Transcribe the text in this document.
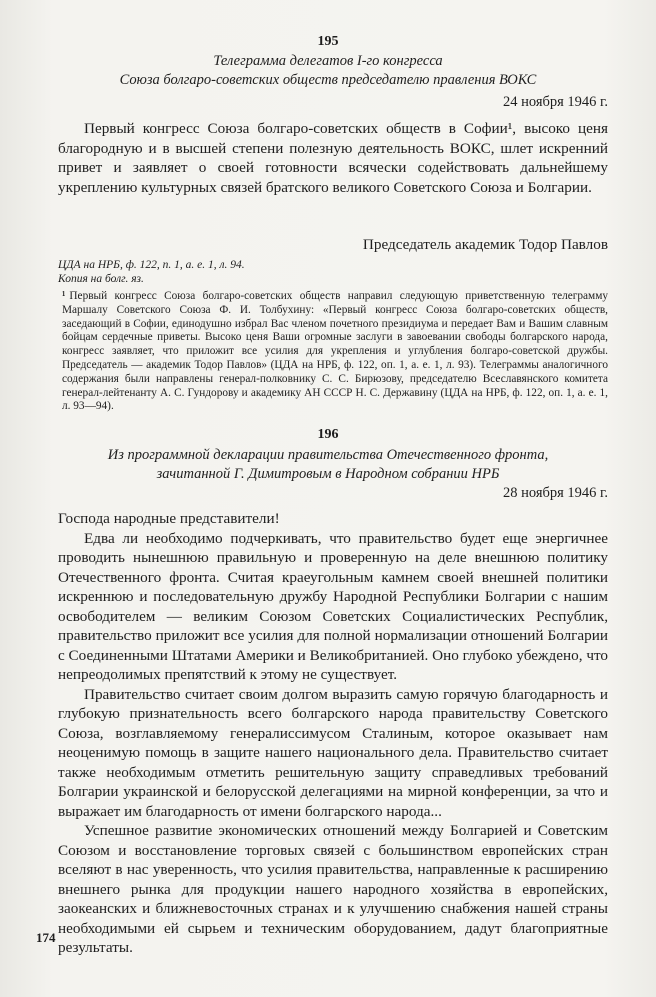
195
Телеграмма делегатов I-го конгресса
Союза болгаро-советских обществ председателю правления ВОКС
24 ноября 1946 г.

Первый конгресс Союза болгаро-советских обществ в Софии¹, высоко ценя благородную и в высшей степени полезную деятельность ВОКС, шлет искренний привет и заявляет о своей готовности всячески содействовать дальнейшему укреплению культурных связей братского великого Советского Союза и Болгарии.

Председатель академик Тодор Павлов
ЦДА на НРБ, ф. 122, п. 1, а. е. 1, л. 94.
Копия на болг. яз.
¹ Первый конгресс Союза болгаро-советских обществ направил следующую приветственную телеграмму Маршалу Советского Союза Ф. И. Толбухину: «Первый конгресс Союза болгаро-советских обществ, заседающий в Софии, единодушно избрал Вас членом почетного президиума и передает Вам и Вашим славным бойцам сердечные приветы. Высоко ценя Ваши огромные заслуги в завоевании свободы болгарского народа, конгресс заявляет, что приложит все усилия для укрепления и углубления болгаро-советской дружбы. Председатель — академик Тодор Павлов» (ЦДА на НРБ, ф. 122, оп. 1, а. е. 1, л. 93). Телеграммы аналогичного содержания были направлены генерал-полковнику С. С. Бирюзову, председателю Всеславянского комитета генерал-лейтенанту А. С. Гундорову и академику АН СССР Н. С. Державину (ЦДА на НРБ, ф. 122, оп. 1, а. е. 1, л. 93—94).
196
Из программной декларации правительства Отечественного фронта,
зачитанной Г. Димитровым в Народном собрании НРБ
28 ноября 1946 г.

Господа народные представители!

Едва ли необходимо подчеркивать, что правительство будет еще энергичнее проводить нынешнюю правильную и проверенную на деле внешнюю политику Отечественного фронта. Считая краеугольным камнем своей внешней политики искреннюю и последовательную дружбу Народной Республики Болгарии с нашим освободителем — великим Союзом Советских Социалистических Республик, правительство приложит все усилия для полной нормализации отношений Болгарии с Соединенными Штатами Америки и Великобританией. Оно глубоко убеждено, что непреодолимых препятствий к этому не существует.

Правительство считает своим долгом выразить самую горячую благодарность и глубокую признательность всего болгарского народа правительству Советского Союза, возглавляемому генералиссимусом Сталиным, которое оказывает нам неоценимую помощь в защите нашего национального дела. Правительство считает также необходимым отметить решительную защиту справедливых требований Болгарии украинской и белорусской делегациями на мирной конференции, за что и выражает им благодарность от имени болгарского народа...

Успешное развитие экономических отношений между Болгарией и Советским Союзом и восстановление торговых связей с большинством европейских стран вселяют в нас уверенность, что усилия правительства, направленные к расширению внешнего рынка для продукции нашего народного хозяйства в европейских, заокеанских и ближневосточных странах и к улучшению снабжения нашей страны необходимыми ей сырьем и техническим оборудованием, дадут благоприятные результаты.

174
